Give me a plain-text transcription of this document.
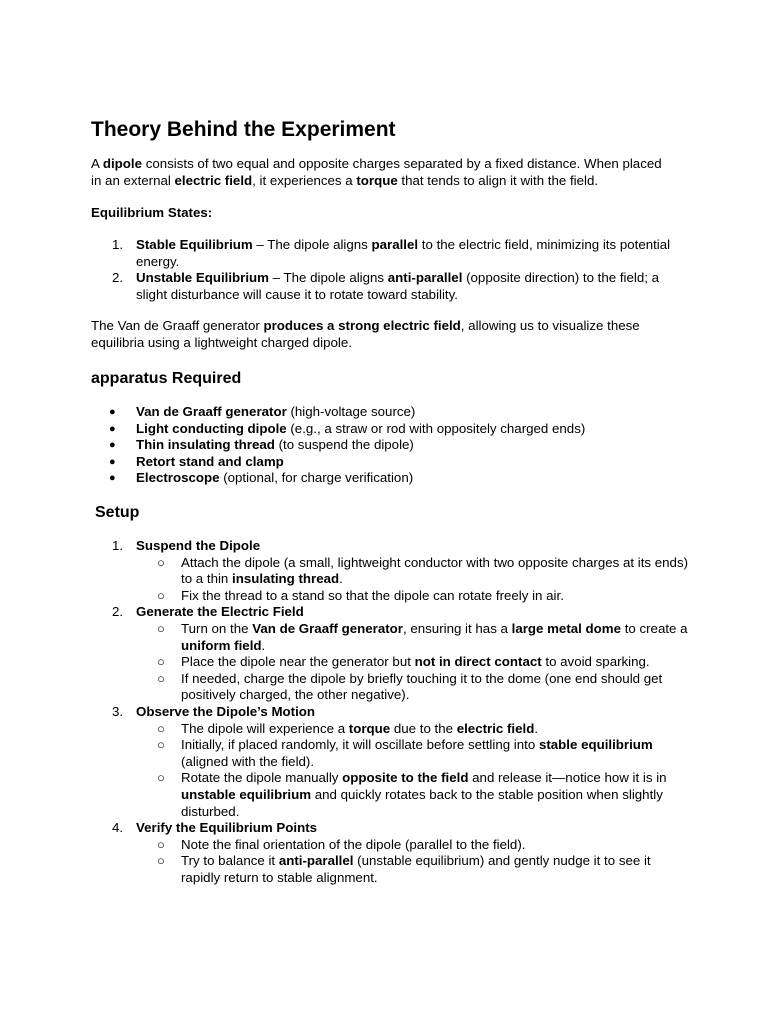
Theory Behind the Experiment

A dipole consists of two equal and opposite charges separated by a fixed distance. When placed in an external electric field, it experiences a torque that tends to align it with the field.

Equilibrium States:

1. Stable Equilibrium – The dipole aligns parallel to the electric field, minimizing its potential energy.
2. Unstable Equilibrium – The dipole aligns anti-parallel (opposite direction) to the field; a slight disturbance will cause it to rotate toward stability.

The Van de Graaff generator produces a strong electric field, allowing us to visualize these equilibria using a lightweight charged dipole.

apparatus Required
● Van de Graaff generator (high-voltage source)
● Light conducting dipole (e.g., a straw or rod with oppositely charged ends)
● Thin insulating thread (to suspend the dipole)
● Retort stand and clamp
● Electroscope (optional, for charge verification)
Setup
1. Suspend the Dipole
○ Attach the dipole (a small, lightweight conductor with two opposite charges at its ends) to a thin insulating thread.
○ Fix the thread to a stand so that the dipole can rotate freely in air.
2. Generate the Electric Field
○ Turn on the Van de Graaff generator, ensuring it has a large metal dome to create a uniform field.
○ Place the dipole near the generator but not in direct contact to avoid sparking.
○ If needed, charge the dipole by briefly touching it to the dome (one end should get positively charged, the other negative).
3. Observe the Dipole’s Motion
○ The dipole will experience a torque due to the electric field.
○ Initially, if placed randomly, it will oscillate before settling into stable equilibrium (aligned with the field).
○ Rotate the dipole manually opposite to the field and release it—notice how it is in unstable equilibrium and quickly rotates back to the stable position when slightly disturbed.
4. Verify the Equilibrium Points
○ Note the final orientation of the dipole (parallel to the field).
○ Try to balance it anti-parallel (unstable equilibrium) and gently nudge it to see it rapidly return to stable alignment.
